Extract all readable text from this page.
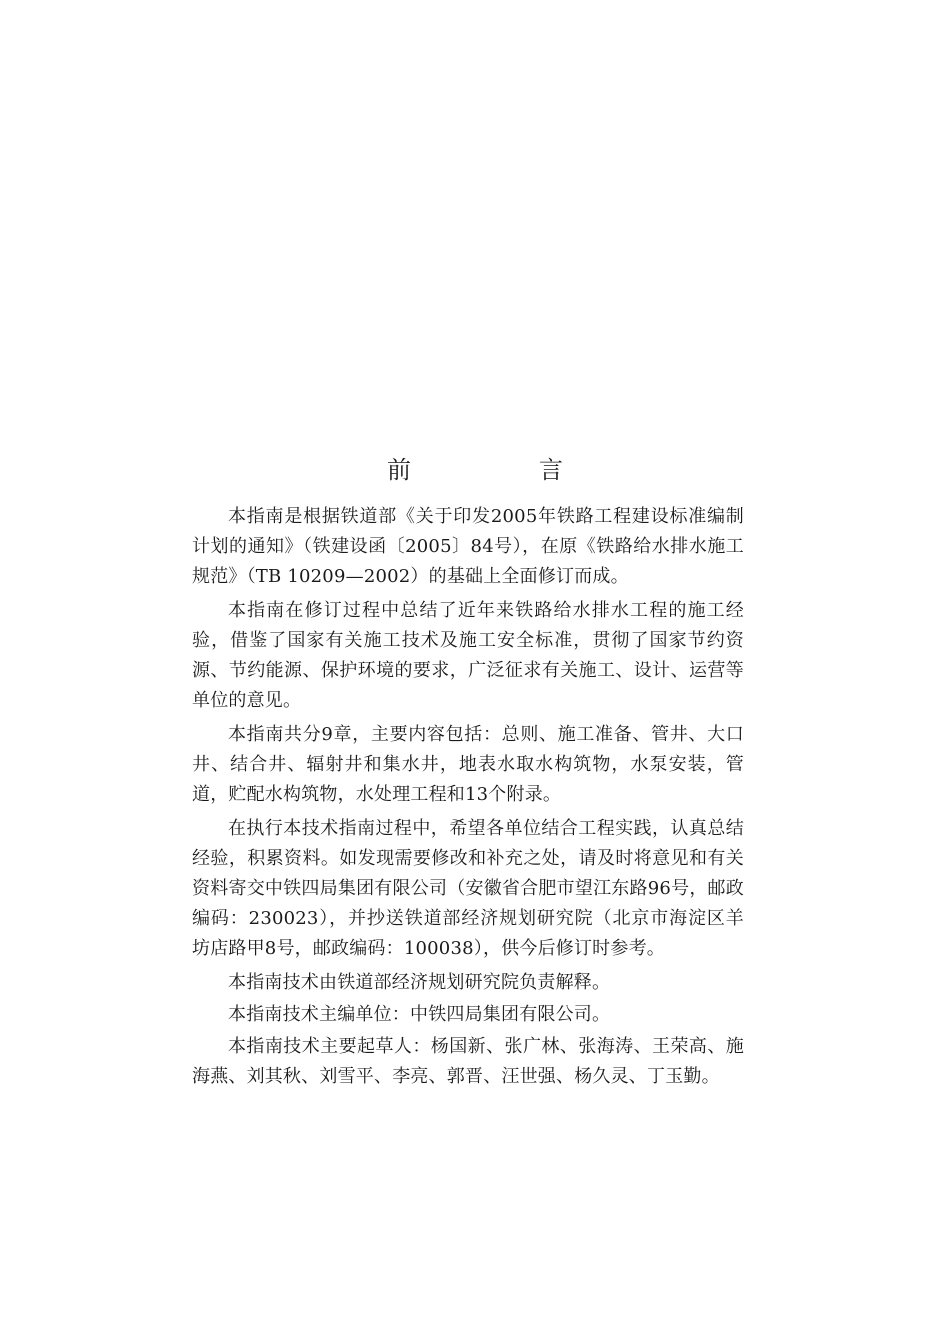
前　言

本指南是根据铁道部《关于印发2005年铁路工程建设标准编制计划的通知》（铁建设函〔2005〕84号），在原《铁路给水排水施工规范》（TB 10209—2002）的基础上全面修订而成。

本指南在修订过程中总结了近年来铁路给水排水工程的施工经验，借鉴了国家有关施工技术及施工安全标准，贯彻了国家节约资源、节约能源、保护环境的要求，广泛征求有关施工、设计、运营等单位的意见。

本指南共分9章，主要内容包括：总则、施工准备、管井、大口井、结合井、辐射井和集水井，地表水取水构筑物，水泵安装，管道，贮配水构筑物，水处理工程和13个附录。

在执行本技术指南过程中，希望各单位结合工程实践，认真总结经验，积累资料。如发现需要修改和补充之处，请及时将意见和有关资料寄交中铁四局集团有限公司（安徽省合肥市望江东路96号，邮政编码：230023），并抄送铁道部经济规划研究院（北京市海淀区羊坊店路甲8号，邮政编码：100038），供今后修订时参考。

本指南技术由铁道部经济规划研究院负责解释。

本指南技术主编单位：中铁四局集团有限公司。

本指南技术主要起草人：杨国新、张广林、张海涛、王荣高、施海燕、刘其秋、刘雪平、李亮、郭晋、汪世强、杨久灵、丁玉勤。
